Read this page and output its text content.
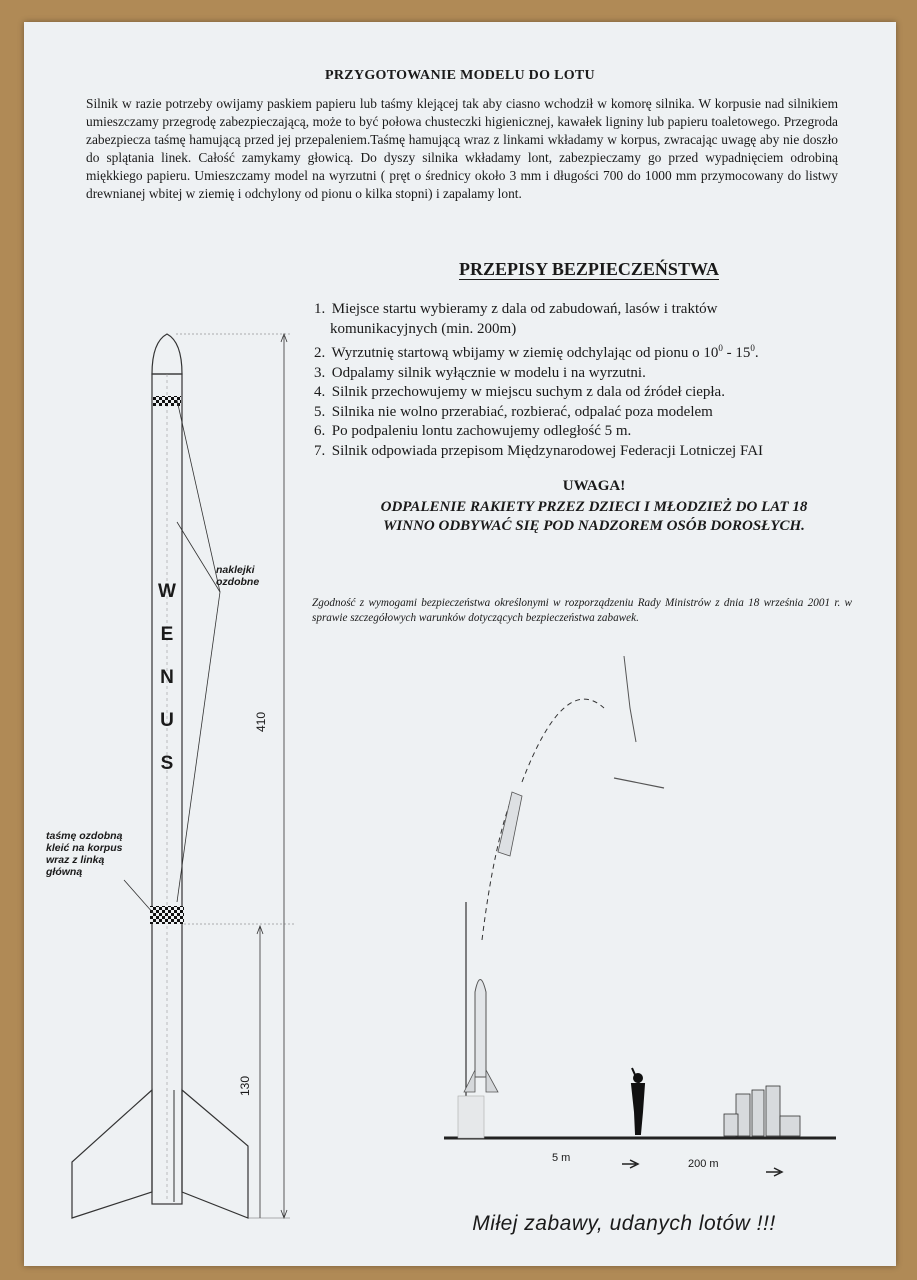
PRZYGOTOWANIE MODELU DO LOTU
Silnik w razie potrzeby owijamy paskiem papieru lub taśmy klejącej tak aby ciasno wchodził w komorę silnika. W korpusie nad silnikiem umieszczamy przegrodę zabezpieczającą, może to być połowa chusteczki higienicznej, kawałek ligniny lub papieru toaletowego. Przegroda zabezpiecza taśmę hamującą przed jej przepaleniem.Taśmę hamującą wraz z linkami wkładamy w korpus, zwracając uwagę aby nie doszło do splątania linek. Całość zamykamy głowicą. Do dyszy silnika wkładamy lont, zabezpieczamy go przed wypadnięciem odrobiną miękkiego papieru. Umieszczamy model na wyrzutni ( pręt o średnicy około 3 mm i długości 700 do 1000 mm przymocowany do listwy drewnianej wbitej w ziemię i odchylony od pionu o kilka stopni) i zapalamy lont.
PRZEPISY BEZPIECZEŃSTWA
1. Miejsce startu wybieramy z dala od zabudowań, lasów i traktów
komunikacyjnych (min. 200m)
2. Wyrzutnię startową wbijamy w ziemię odchylając od pionu o $10^0 - 15^0$.
3. Odpalamy silnik wyłącznie w modelu i na wyrzutni.
4. Silnik przechowujemy w miejscu suchym z dala od źródeł ciepła.
5. Silnika nie wolno przerabiać, rozbierać, odpalać poza modelem
6. Po podpaleniu lontu zachowujemy odległość 5 m.
7. Silnik odpowiada przepisom Międzynarodowej Federacji Lotniczej FAI
UWAGA!
ODPALENIE RAKIETY PRZEZ DZIECI I MŁODZIEŻ DO LAT 18
WINNO ODBYWAĆ SIĘ POD NADZOREM OSÓB DOROSŁYCH.
Zgodność z wymogami bezpieczeństwa określonymi w rozporządzeniu Rady Ministrów z dnia 18 września 2001 r. w sprawie szczegółowych warunków dotyczących bezpieczeństwa zabawek.
W
E
N
U
S
naklejki
ozdobne
taśmę ozdobną
kleić na korpus
wraz z linką
główną
410
130
5 m	200 m
Miłej zabawy, udanych lotów !!!
